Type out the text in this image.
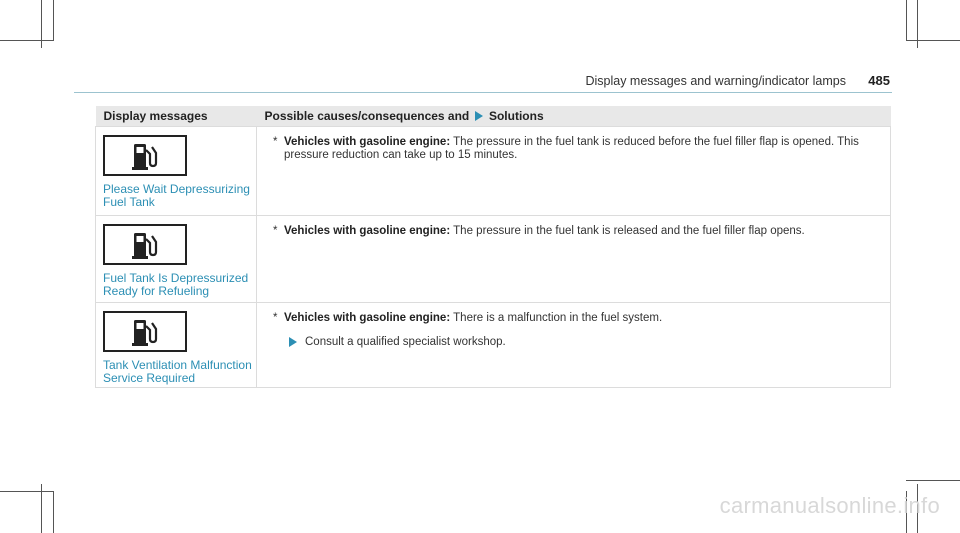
Display messages and warning/indicator lamps 485
Display messages	Possible causes/consequences and Solutions

Please Wait Depressurizing Fuel Tank	* Vehicles with gasoline engine: The pressure in the fuel tank is reduced before the fuel filler flap is opened. This pressure reduction can take up to 15 minutes.

Fuel Tank Is Depressurized Ready for Refueling	* Vehicles with gasoline engine: The pressure in the fuel tank is released and the fuel filler flap opens.

Tank Ventilation Malfunction Service Required	* Vehicles with gasoline engine: There is a malfunction in the fuel system.
Consult a qualified specialist workshop.
carmanualsonline.info
